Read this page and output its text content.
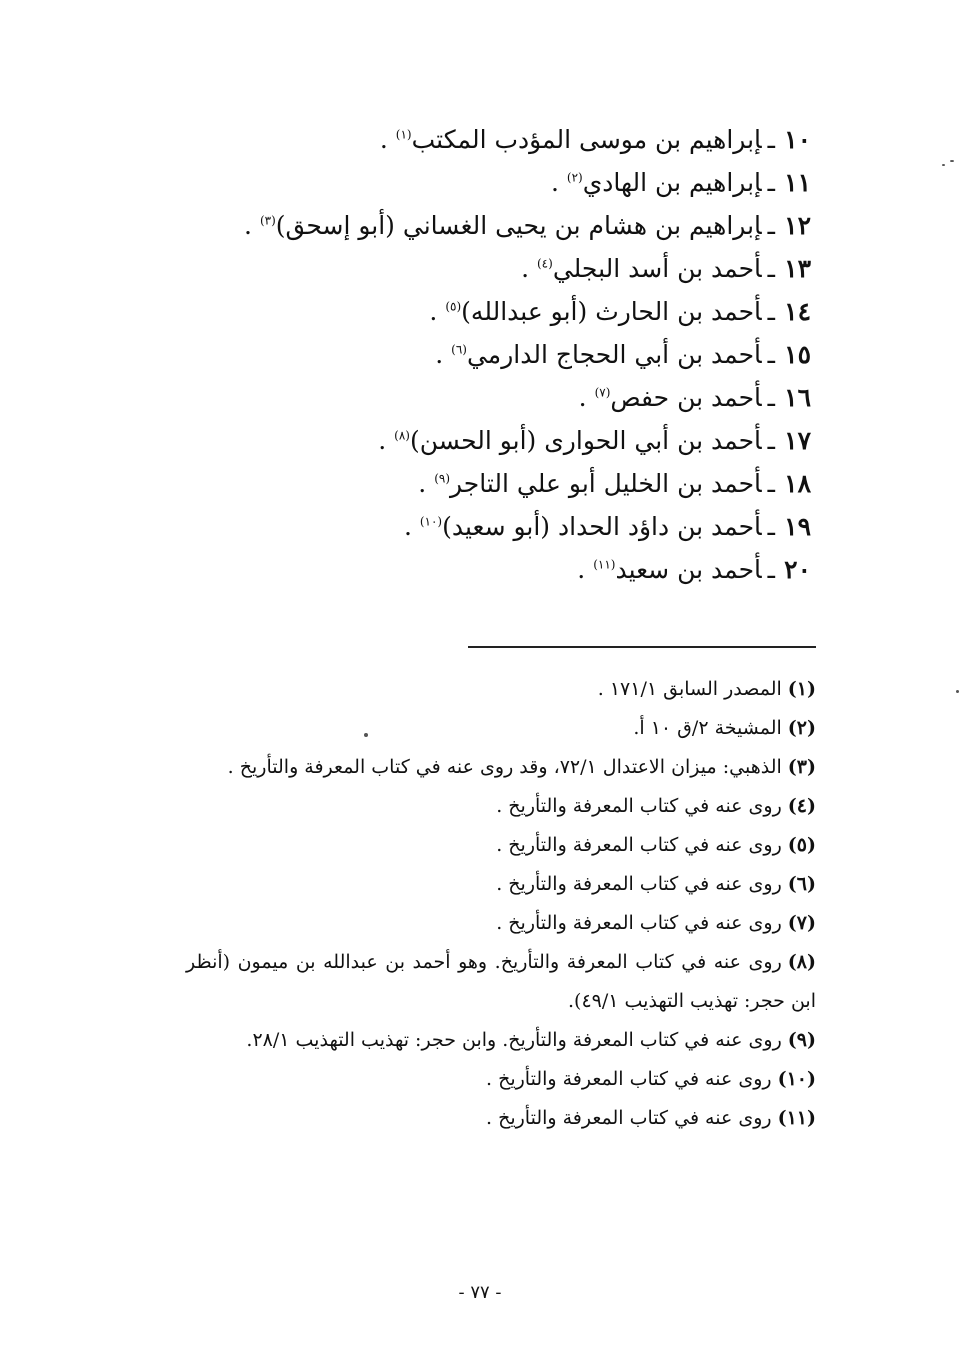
١٠ـإبراهيم بن موسى المؤدب المكتب$^{(١)}$ .
١١ـإبراهيم بن الهادي$^{(٢)}$ .
١٢ـإبراهيم بن هشام بن يحيى الغساني (أبو إسحق)$^{(٣)}$ .
١٣ـأحمد بن أسد البجلي$^{(٤)}$ .
١٤ـأحمد بن الحارث (أبو عبدالله)$^{(٥)}$ .
١٥ـأحمد بن أبي الحجاج الدارمي$^{(٦)}$ .
١٦ـأحمد بن حفص$^{(٧)}$ .
١٧ـأحمد بن أبي الحوارى (أبو الحسن)$^{(٨)}$ .
١٨ـأحمد بن الخليل أبو علي التاجر$^{(٩)}$ .
١٩ـأحمد بن داؤد الحداد (أبو سعيد)$^{(١٠)}$ .
٢٠ـأحمد بن سعيد$^{(١١)}$ .
(١)المصدر السابق ١٧١/١ .
(٢)المشيخة ٢/ق ١٠ أ.
(٣)الذهبي: ميزان الاعتدال ٧٢/١، وقد روى عنه في كتاب المعرفة والتأريخ .
(٤)روى عنه في كتاب المعرفة والتأريخ .
(٥)روى عنه في كتاب المعرفة والتأريخ .
(٦)روى عنه في كتاب المعرفة والتأريخ .
(٧)روى عنه في كتاب المعرفة والتأريخ .
(٨)روى عنه في كتاب المعرفة والتأريخ. وهو أحمد بن عبدالله بن ميمون (أنظر ابن حجر: تهذيب التهذيب ٤٩/١).
(٩)روى عنه في كتاب المعرفة والتأريخ. وابن حجر: تهذيب التهذيب ٢٨/١.
(١٠)روى عنه في كتاب المعرفة والتأريخ .
(١١)روى عنه في كتاب المعرفة والتأريخ .
- ٧٧ -
